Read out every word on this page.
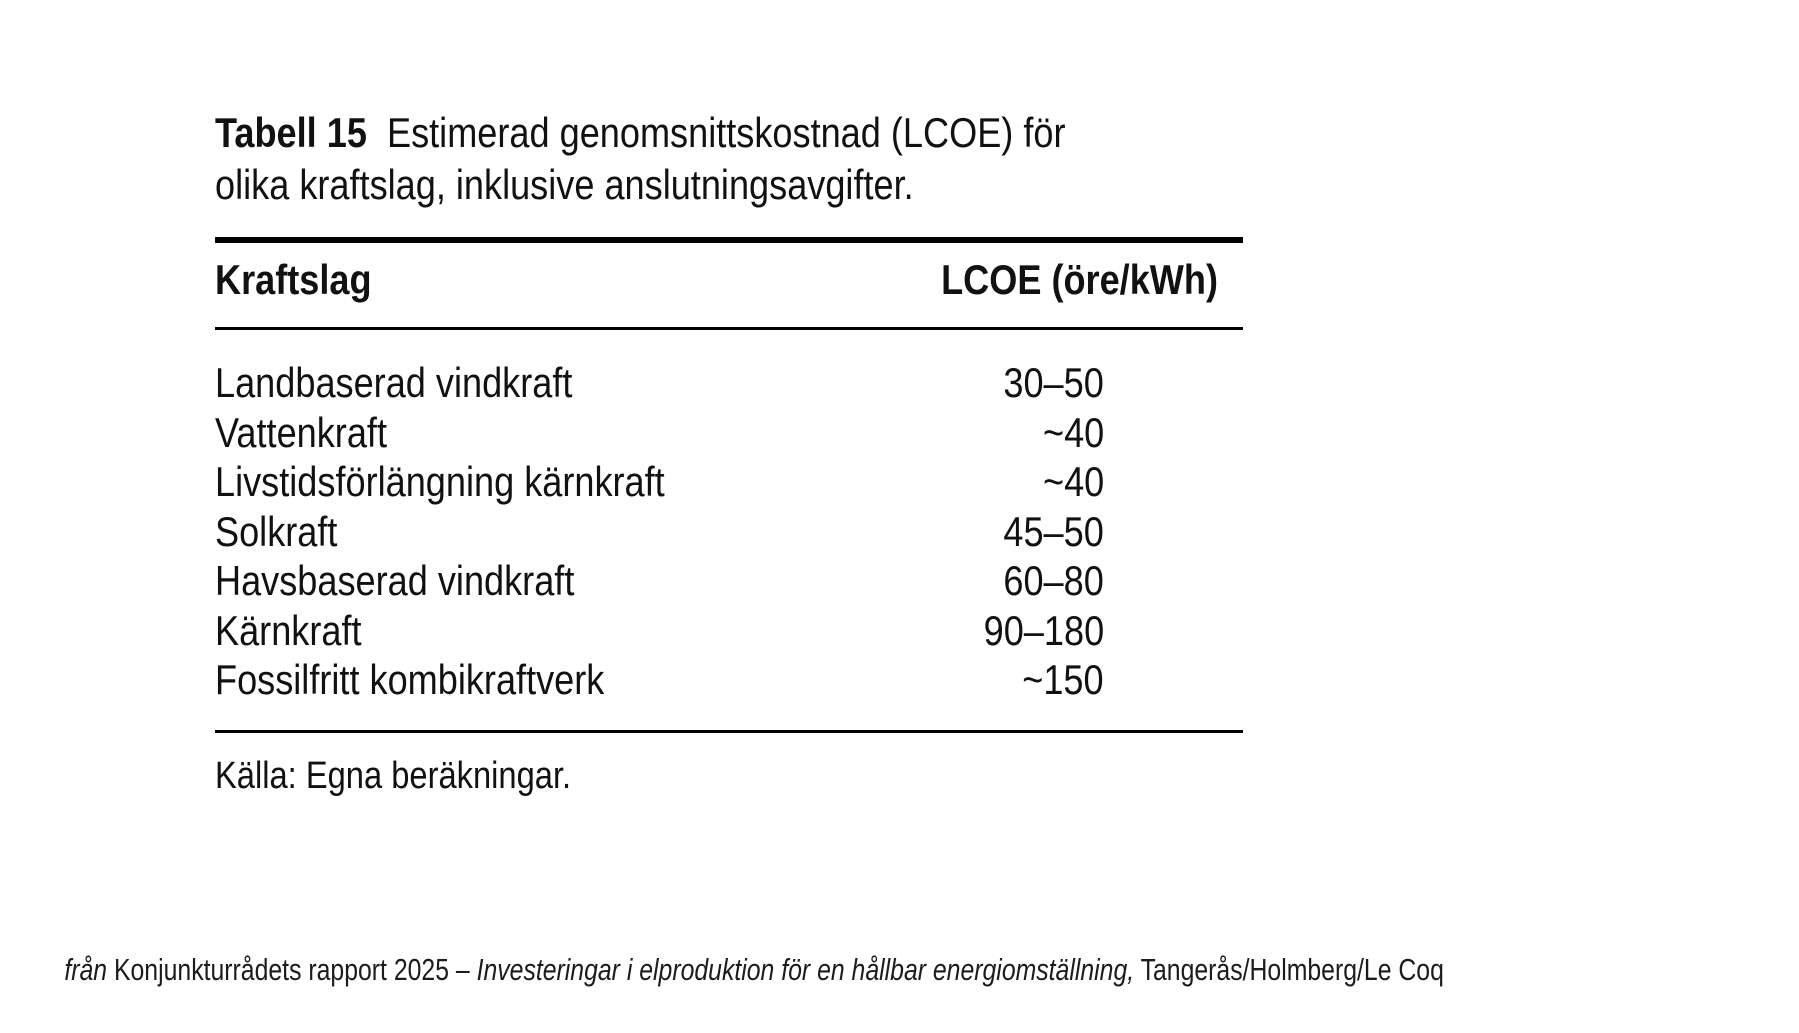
Tabell 15  Estimerad genomsnittskostnad (LCOE) för
olika kraftslag, inklusive anslutningsavgifter.
Kraftslag	LCOE (öre/kWh)
Landbaserad vindkraft	30–50
Vattenkraft	~40
Livstidsförlängning kärnkraft	~40
Solkraft	45–50
Havsbaserad vindkraft	60–80
Kärnkraft	90–180
Fossilfritt kombikraftverk	~150
Källa: Egna beräkningar.

från Konjunkturrådets rapport 2025 – Investeringar i elproduktion för en hållbar energiomställning, Tangerås/Holmberg/Le Coq
